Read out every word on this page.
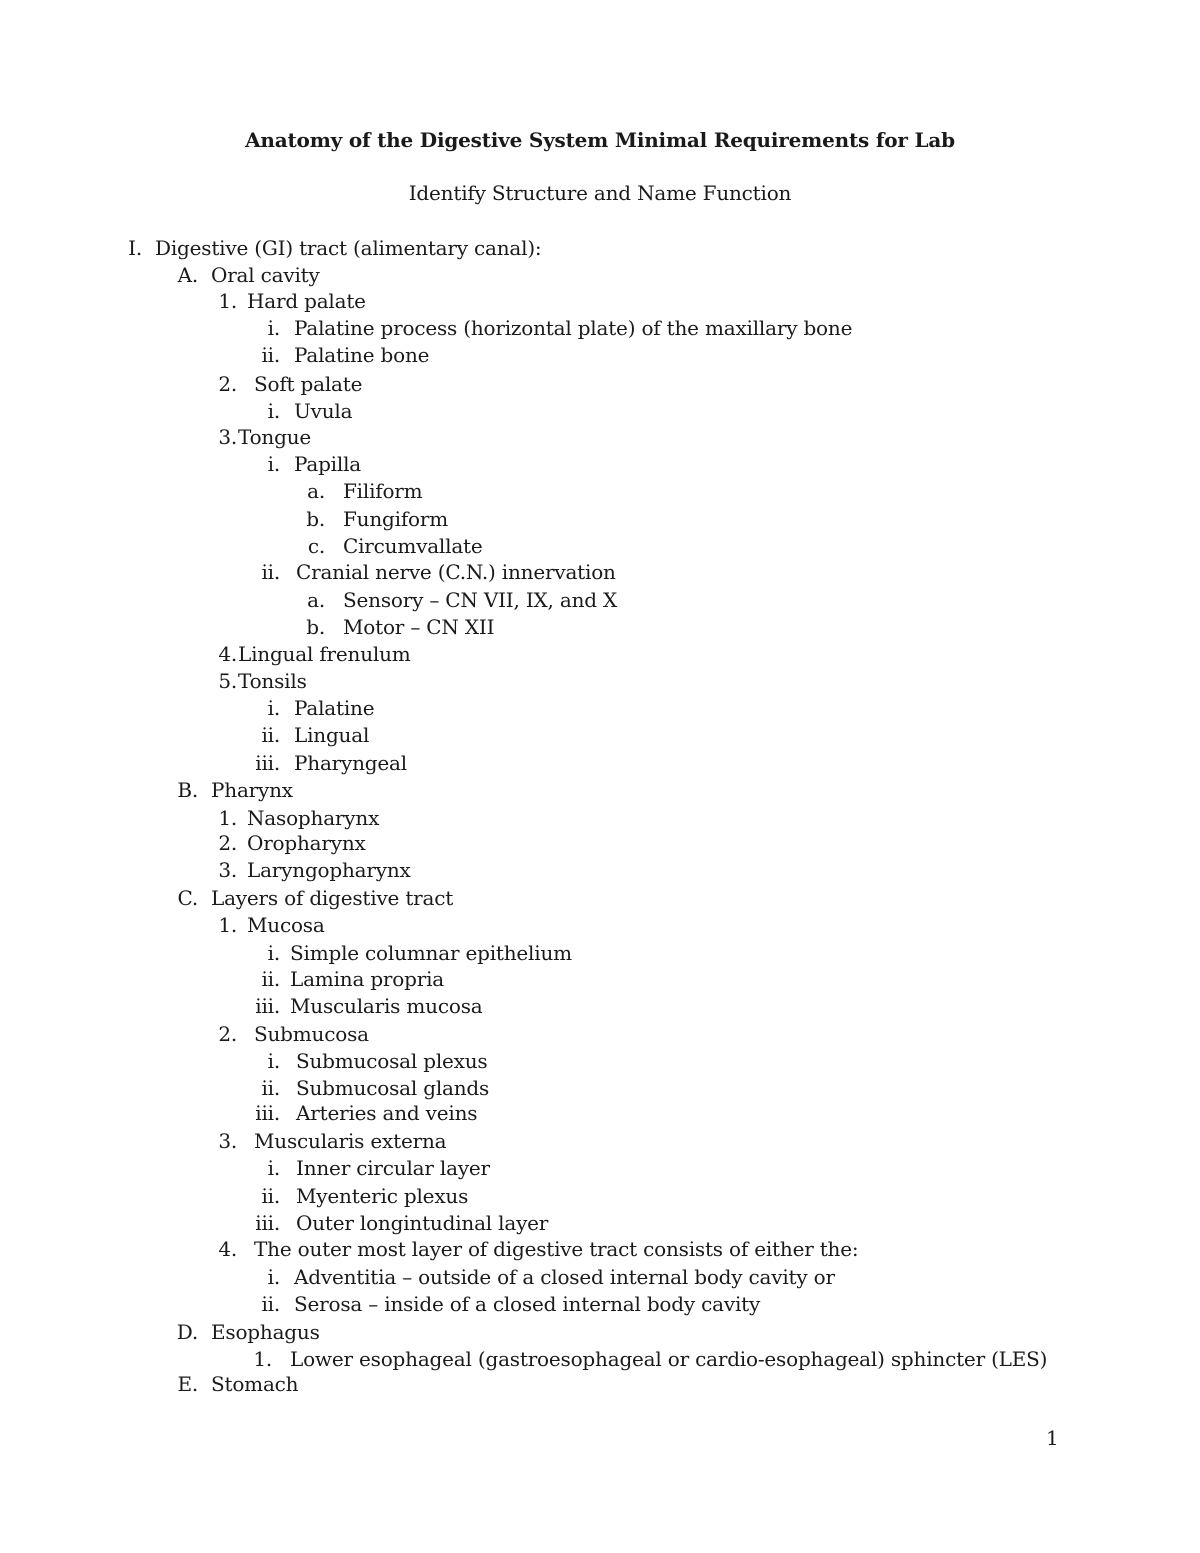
Anatomy of the Digestive System Minimal Requirements for Lab
Identify Structure and Name Function
I. Digestive (GI) tract (alimentary canal):
A. Oral cavity
1. Hard palate
i. Palatine process (horizontal plate) of the maxillary bone
ii. Palatine bone
2. Soft palate
i. Uvula
3. Tongue
i. Papilla
a. Filiform
b. Fungiform
c. Circumvallate
ii. Cranial nerve (C.N.) innervation
a. Sensory – CN VII, IX, and X
b. Motor – CN XII
4. Lingual frenulum
5. Tonsils
i. Palatine
ii. Lingual
iii. Pharyngeal
B. Pharynx
1. Nasopharynx
2. Oropharynx
3. Laryngopharynx
C. Layers of digestive tract
1. Mucosa
i. Simple columnar epithelium
ii. Lamina propria
iii. Muscularis mucosa
2. Submucosa
i. Submucosal plexus
ii. Submucosal glands
iii. Arteries and veins
3. Muscularis externa
i. Inner circular layer
ii. Myenteric plexus
iii. Outer longintudinal layer
4. The outer most layer of digestive tract consists of either the:
i. Adventitia – outside of a closed internal body cavity or
ii. Serosa – inside of a closed internal body cavity
D. Esophagus
1. Lower esophageal (gastroesophageal or cardio-esophageal) sphincter (LES)
E. Stomach
1
